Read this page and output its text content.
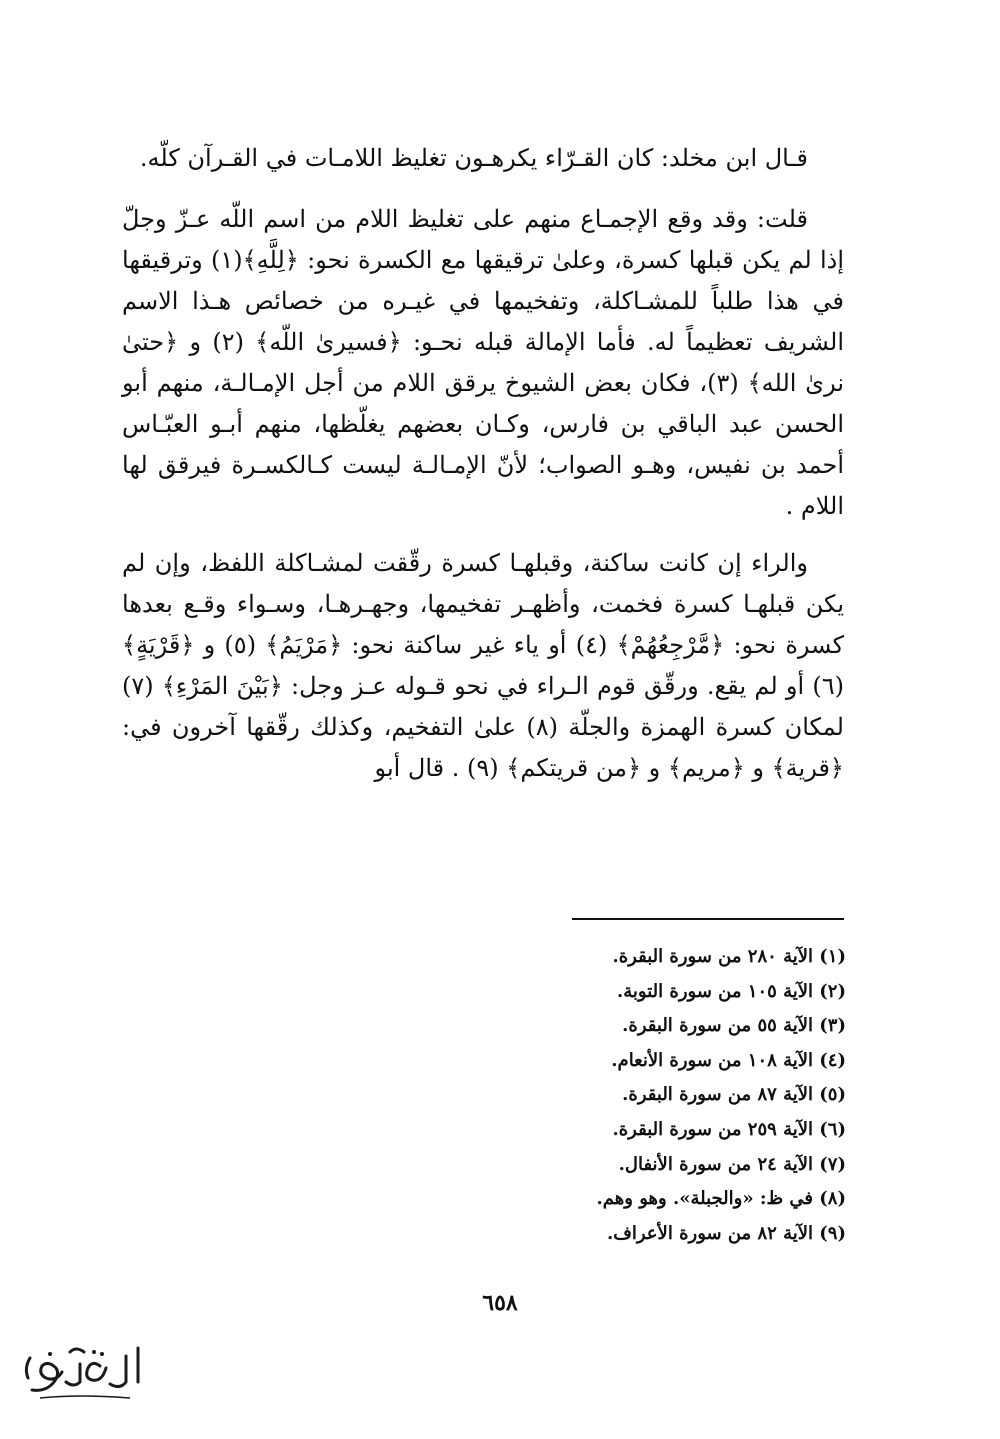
قـال ابن مخلد: كان القـرّاء يكرهـون تغليظ اللامـات في القـرآن كلّه.

قلت: وقد وقع الإجمـاع منهم على تغليظ اللام من اسم اللّه عـزّ وجلّ إذا لم يكن قبلها كسرة، وعلىٰ ترقيقها مع الكسرة نحو: ﴿لِلَّهِ﴾(١) وترقيقها في هذا طلباً للمشـاكلة، وتفخيمها في غيـره من خصائص هـذا الاسم الشريف تعظيماً له. فأما الإمالة قبله نحـو: ﴿فسيرىٰ اللّه﴾ (٢) و ﴿حتىٰ نرىٰ الله﴾ (٣)، فكان بعض الشيوخ يرقق اللام من أجل الإمـالـة، منهم أبو الحسن عبد الباقي بن فارس، وكـان بعضهم يغلّظها، منهم أبـو العبّـاس أحمد بن نفيس، وهـو الصواب؛ لأنّ الإمـالـة ليست كـالكسـرة فيرقق لها اللام .

والراء إن كانت ساكنة، وقبلهـا كسرة رقّقت لمشـاكلة اللفظ، وإن لم يكن قبلهـا كسرة فخمت، وأظهـر تفخيمها، وجهـرهـا، وسـواء وقـع بعدها كسرة نحو: ﴿مَّرْجِعُهُمْ﴾ (٤) أو ياء غير ساكنة نحو: ﴿مَرْيَمُ﴾ (٥) و ﴿قَرْيَةٍ﴾ (٦) أو لم يقع. ورقّق قوم الـراء في نحو قـوله عـز وجل: ﴿بَيْنَ المَرْءِ﴾ (٧) لمكان كسرة الهمزة والجلّة (٨) علىٰ التفخيم، وكذلك رقّقها آخرون في: ﴿قرية﴾ و ﴿مريم﴾ و ﴿من قريتكم﴾ (٩) . قال أبو

(١) الآية ٢٨٠ من سورة البقرة.
(٢) الآية ١٠٥ من سورة التوبة.
(٣) الآية ٥٥ من سورة البقرة.
(٤) الآية ١٠٨ من سورة الأنعام.
(٥) الآية ٨٧ من سورة البقرة.
(٦) الآية ٢٥٩ من سورة البقرة.
(٧) الآية ٢٤ من سورة الأنفال.
(٨) في ظ: «والجبلة». وهو وهم.
(٩) الآية ٨٢ من سورة الأعراف.
٦٥٨
